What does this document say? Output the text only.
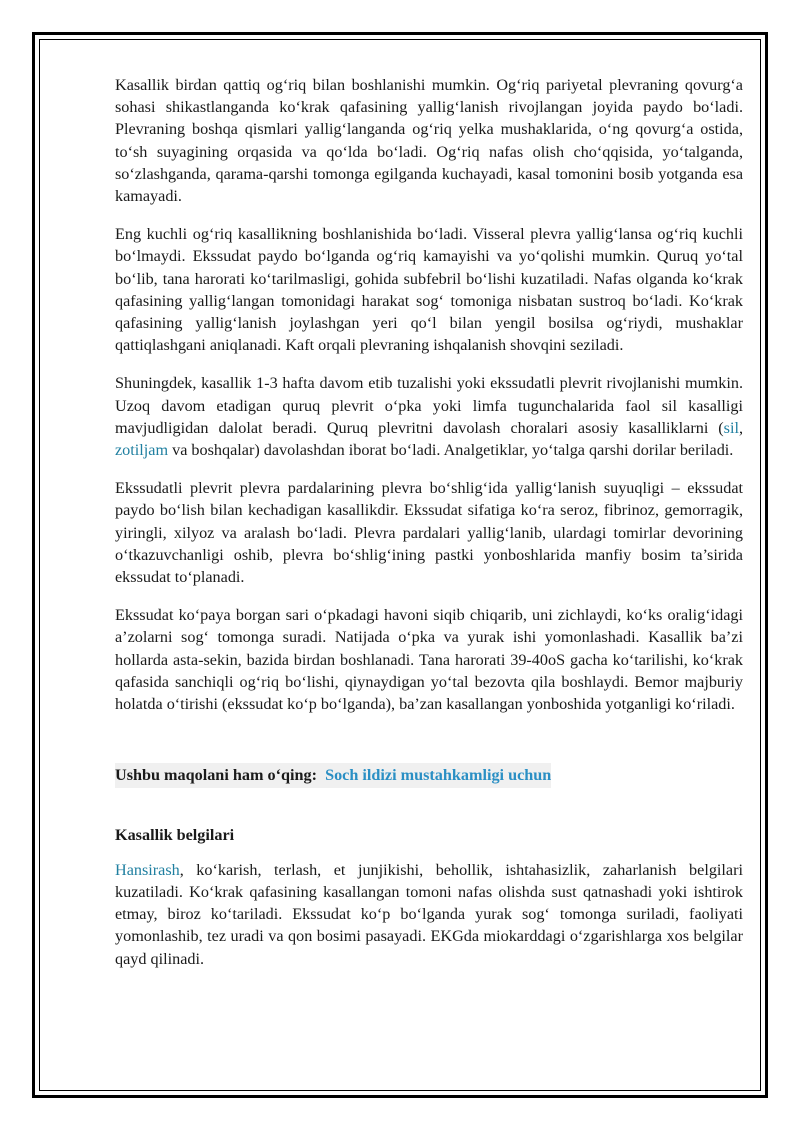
Kasallik birdan qattiq og‘riq bilan boshlanishi mumkin. Og‘riq pariyetal plevraning qovurg‘a sohasi shikastlanganda ko‘krak qafasining yallig‘lanish rivojlangan joyida paydo bo‘ladi. Plevraning boshqa qismlari yallig‘langanda og‘riq yelka mushaklarida, o‘ng qovurg‘a ostida, to‘sh suyagining orqasida va qo‘lda bo‘ladi. Og‘riq nafas olish cho‘qqisida, yo‘talganda, so‘zlashganda, qarama-qarshi tomonga egilganda kuchayadi, kasal tomonini bosib yotganda esa kamayadi.

Eng kuchli og‘riq kasallikning boshlanishida bo‘ladi. Visseral plevra yallig‘lansa og‘riq kuchli bo‘lmaydi. Ekssudat paydo bo‘lganda og‘riq kamayishi va yo‘qolishi mumkin. Quruq yo‘tal bo‘lib, tana harorati ko‘tarilmasligi, gohida subfebril bo‘lishi kuzatiladi. Nafas olganda ko‘krak qafasining yallig‘langan tomonidagi harakat sog‘ tomoniga nisbatan sustroq bo‘ladi. Ko‘krak qafasining yallig‘lanish joylashgan yeri qo‘l bilan yengil bosilsa og‘riydi, mushaklar qattiqlashgani aniqlanadi. Kaft orqali plevraning ishqalanish shovqini seziladi.

Shuningdek, kasallik 1-3 hafta davom etib tuzalishi yoki ekssudatli plevrit rivojlanishi mumkin. Uzoq davom etadigan quruq plevrit o‘pka yoki limfa tugunchalarida faol sil kasalligi mavjudligidan dalolat beradi. Quruq plevritni davolash choralari asosiy kasalliklarni (sil, zotiljam va boshqalar) davolashdan iborat bo‘ladi. Analgetiklar, yo‘talga qarshi dorilar beriladi.

Ekssudatli plevrit plevra pardalarining plevra bo‘shlig‘ida yallig‘lanish suyuqligi – ekssudat paydo bo‘lish bilan kechadigan kasallikdir. Ekssudat sifatiga ko‘ra seroz, fibrinoz, gemorragik, yiringli, xilyoz va aralash bo‘ladi. Plevra pardalari yallig‘lanib, ulardagi tomirlar devorining o‘tkazuvchanligi oshib, plevra bo‘shlig‘ining pastki yonboshlarida manfiy bosim ta’sirida ekssudat to‘planadi.

Ekssudat ko‘paya borgan sari o‘pkadagi havoni siqib chiqarib, uni zichlaydi, ko‘ks oralig‘idagi a’zolarni sog‘ tomonga suradi. Natijada o‘pka va yurak ishi yomonlashadi. Kasallik ba’zi hollarda asta-sekin, bazida birdan boshlanadi. Tana harorati 39-40oS gacha ko‘tarilishi, ko‘krak qafasida sanchiqli og‘riq bo‘lishi, qiynaydigan yo‘tal bezovta qila boshlaydi. Bemor majburiy holatda o‘tirishi (ekssudat ko‘p bo‘lganda), ba’zan kasallangan yonboshida yotganligi ko‘riladi.

Ushbu maqolani ham o‘qing: Soch ildizi mustahkamligi uchun
Kasallik belgilari

Hansirash, ko‘karish, terlash, et junjikishi, behollik, ishtahasizlik, zaharlanish belgilari kuzatiladi. Ko‘krak qafasining kasallangan tomoni nafas olishda sust qatnashadi yoki ishtirok etmay, biroz ko‘tariladi. Ekssudat ko‘p bo‘lganda yurak sog‘ tomonga suriladi, faoliyati yomonlashib, tez uradi va qon bosimi pasayadi. EKGda miokarddagi o‘zgarishlarga xos belgilar qayd qilinadi.
